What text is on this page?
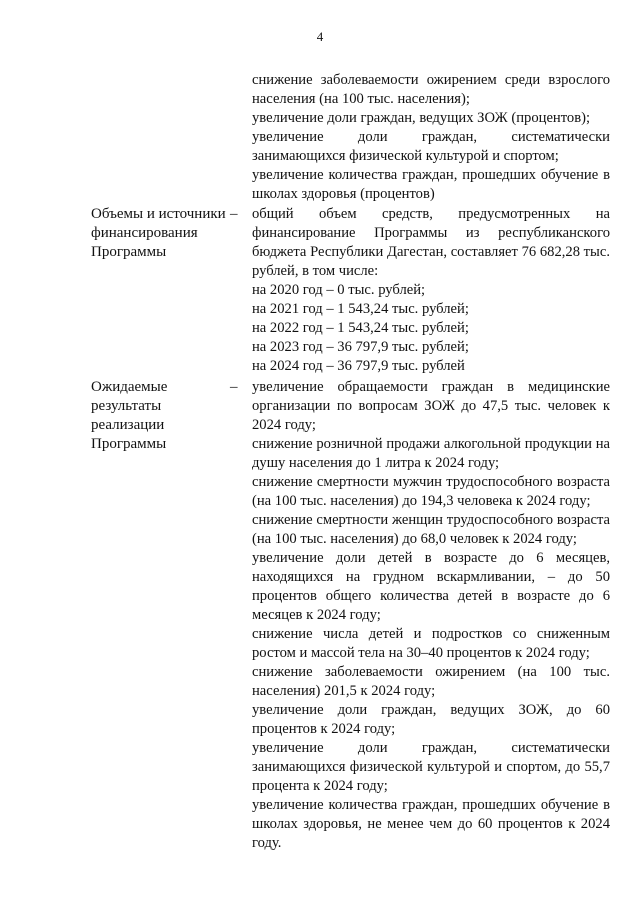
4

снижение заболеваемости ожирением среди взрослого населения (на 100 тыс. населения);

увеличение доли граждан, ведущих ЗОЖ (процентов);

увеличение доли граждан, систематически занимающихся физической культурой и спортом;

увеличение количества граждан, прошедших обучение в школах здоровья (процентов)

Объемы и источники финансирования Программы
– общий объем средств, предусмотренных на финансирование Программы из республиканского бюджета Республики Дагестан, составляет 76 682,28 тыс. рублей, в том числе:

на 2020 год – 0 тыс. рублей;

на 2021 год – 1 543,24 тыс. рублей;

на 2022 год – 1 543,24 тыс. рублей;

на 2023 год – 36 797,9 тыс. рублей;

на 2024 год – 36 797,9 тыс. рублей

Ожидаемые результаты реализации Программы
– увеличение обращаемости граждан в медицинские организации по вопросам ЗОЖ до 47,5 тыс. человек к 2024 году;

снижение розничной продажи алкогольной продукции на душу населения до 1 литра к 2024 году;

снижение смертности мужчин трудоспособного возраста (на 100 тыс. населения) до 194,3 человека к 2024 году;

снижение смертности женщин трудоспособного возраста (на 100 тыс. населения) до 68,0 человек к 2024 году;

увеличение доли детей в возрасте до 6 месяцев, находящихся на грудном вскармливании, – до 50 процентов общего количества детей в возрасте до 6 месяцев к 2024 году;

снижение числа детей и подростков со сниженным ростом и массой тела на 30–40 процентов к 2024 году;

снижение заболеваемости ожирением (на 100 тыс. населения) 201,5 к 2024 году;

увеличение доли граждан, ведущих ЗОЖ, до 60 процентов к 2024 году;

увеличение доли граждан, систематически занимающихся физической культурой и спортом, до 55,7 процента к 2024 году;

увеличение количества граждан, прошедших обучение в школах здоровья, не менее чем до 60 процентов к 2024 году.
